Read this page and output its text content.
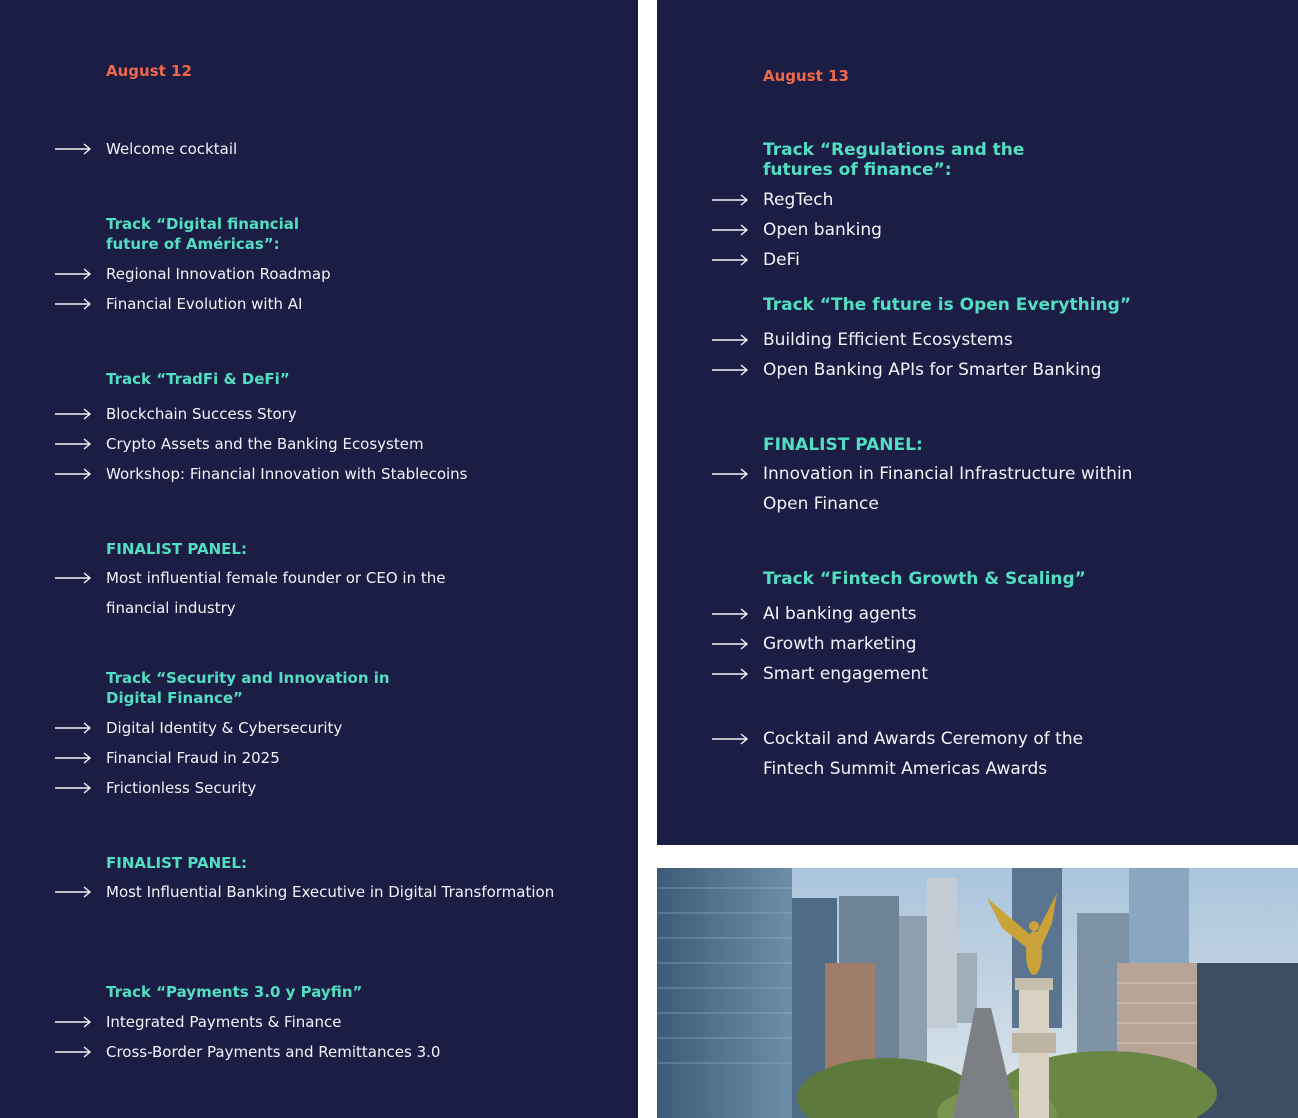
August 12
Welcome cocktail
Track “Digital financial future of Américas”:
Regional Innovation Roadmap
Financial Evolution with AI
Track “TradFi & DeFi”
Blockchain Success Story
Crypto Assets and the Banking Ecosystem
Workshop: Financial Innovation with Stablecoins
FINALIST PANEL:
Most influential female founder or CEO in the
financial industry
Track “Security and Innovation in Digital Finance”
Digital Identity & Cybersecurity
Financial Fraud in 2025
Frictionless Security
FINALIST PANEL:
Most Influential Banking Executive in Digital Transformation
Track “Payments 3.0 y Payfin”
Integrated Payments & Finance
Cross-Border Payments and Remittances 3.0
August 13
Track “Regulations and the futures of finance”:
RegTech
Open banking
DeFi
Track “The future is Open Everything”
Building Efficient Ecosystems
Open Banking APIs for Smarter Banking
FINALIST PANEL:
Innovation in Financial Infrastructure within
Open Finance
Track “Fintech Growth & Scaling”
AI banking agents
Growth marketing
Smart engagement
Cocktail and Awards Ceremony of the
Fintech Summit Americas Awards
